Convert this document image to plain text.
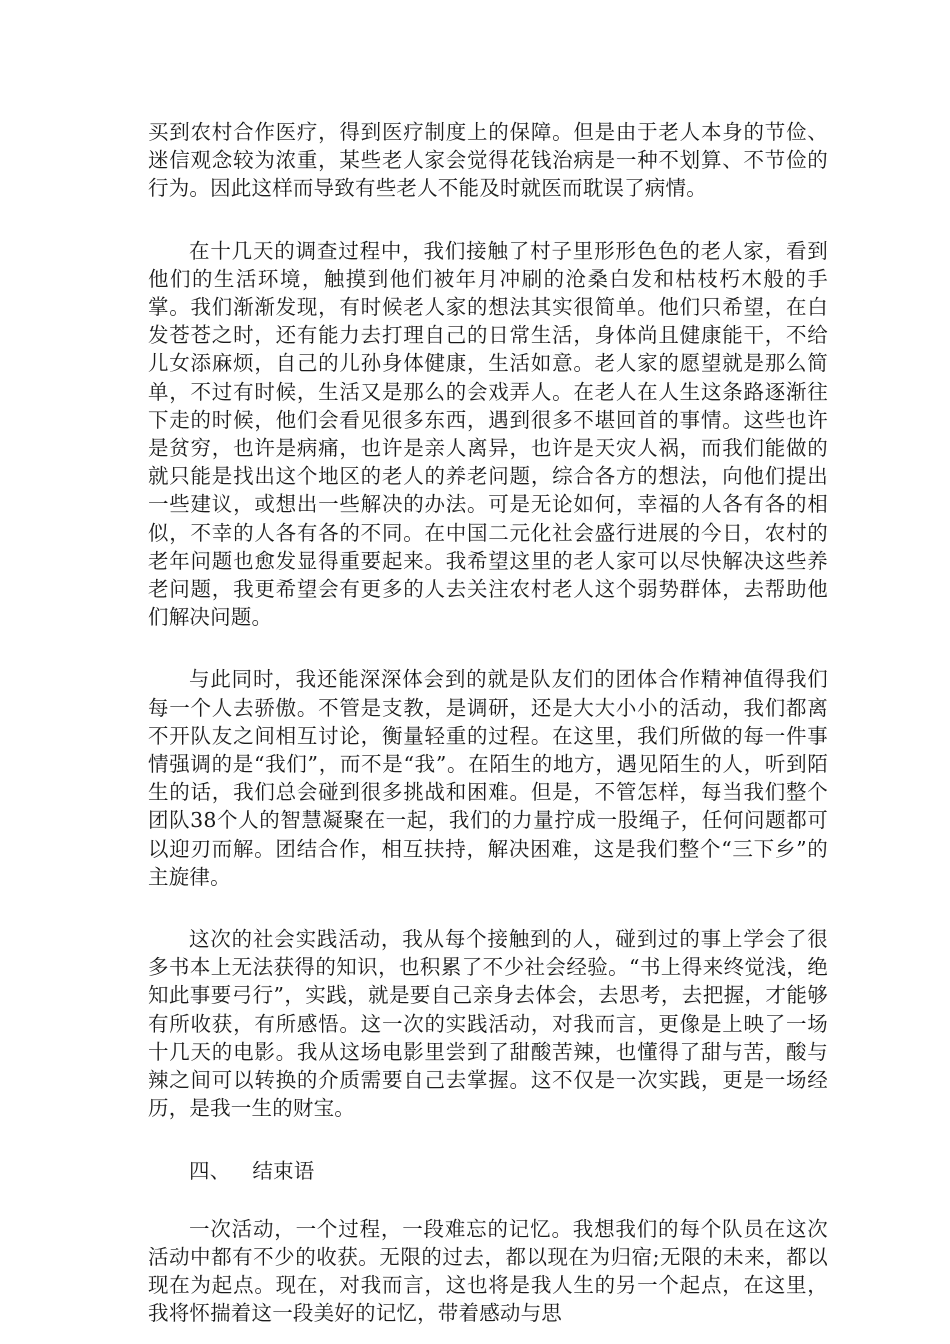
买到农村合作医疗，得到医疗制度上的保障。但是由于老人本身的节俭、迷信观念较为浓重，某些老人家会觉得花钱治病是一种不划算、不节俭的行为。因此这样而导致有些老人不能及时就医而耽误了病情。

在十几天的调查过程中，我们接触了村子里形形色色的老人家，看到他们的生活环境，触摸到他们被年月冲刷的沧桑白发和枯枝朽木般的手掌。我们渐渐发现，有时候老人家的想法其实很简单。他们只希望，在白发苍苍之时，还有能力去打理自己的日常生活，身体尚且健康能干，不给儿女添麻烦，自己的儿孙身体健康，生活如意。老人家的愿望就是那么简单，不过有时候，生活又是那么的会戏弄人。在老人在人生这条路逐渐往下走的时候，他们会看见很多东西，遇到很多不堪回首的事情。这些也许是贫穷，也许是病痛，也许是亲人离异，也许是天灾人祸，而我们能做的就只能是找出这个地区的老人的养老问题，综合各方的想法，向他们提出一些建议，或想出一些解决的办法。可是无论如何，幸福的人各有各的相似，不幸的人各有各的不同。在中国二元化社会盛行进展的今日，农村的老年问题也愈发显得重要起来。我希望这里的老人家可以尽快解决这些养老问题，我更希望会有更多的人去关注农村老人这个弱势群体，去帮助他们解决问题。

与此同时，我还能深深体会到的就是队友们的团体合作精神值得我们每一个人去骄傲。不管是支教，是调研，还是大大小小的活动，我们都离不开队友之间相互讨论，衡量轻重的过程。在这里，我们所做的每一件事情强调的是“我们”，而不是“我”。在陌生的地方，遇见陌生的人，听到陌生的话，我们总会碰到很多挑战和困难。但是，不管怎样，每当我们整个团队38个人的智慧凝聚在一起，我们的力量拧成一股绳子，任何问题都可以迎刃而解。团结合作，相互扶持，解决困难，这是我们整个“三下乡”的主旋律。

这次的社会实践活动，我从每个接触到的人，碰到过的事上学会了很多书本上无法获得的知识，也积累了不少社会经验。“书上得来终觉浅，绝知此事要弓行”，实践，就是要自己亲身去体会，去思考，去把握，才能够有所收获，有所感悟。这一次的实践活动，对我而言，更像是上映了一场十几天的电影。我从这场电影里尝到了甜酸苦辣，也懂得了甜与苦，酸与辣之间可以转换的介质需要自己去掌握。这不仅是一次实践，更是一场经历，是我一生的财宝。

四、 结束语

一次活动，一个过程，一段难忘的记忆。我想我们的每个队员在这次活动中都有不少的收获。无限的过去，都以现在为归宿;无限的未来，都以现在为起点。现在，对我而言，这也将是我人生的另一个起点，在这里，我将怀揣着这一段美好的记忆，带着感动与思
